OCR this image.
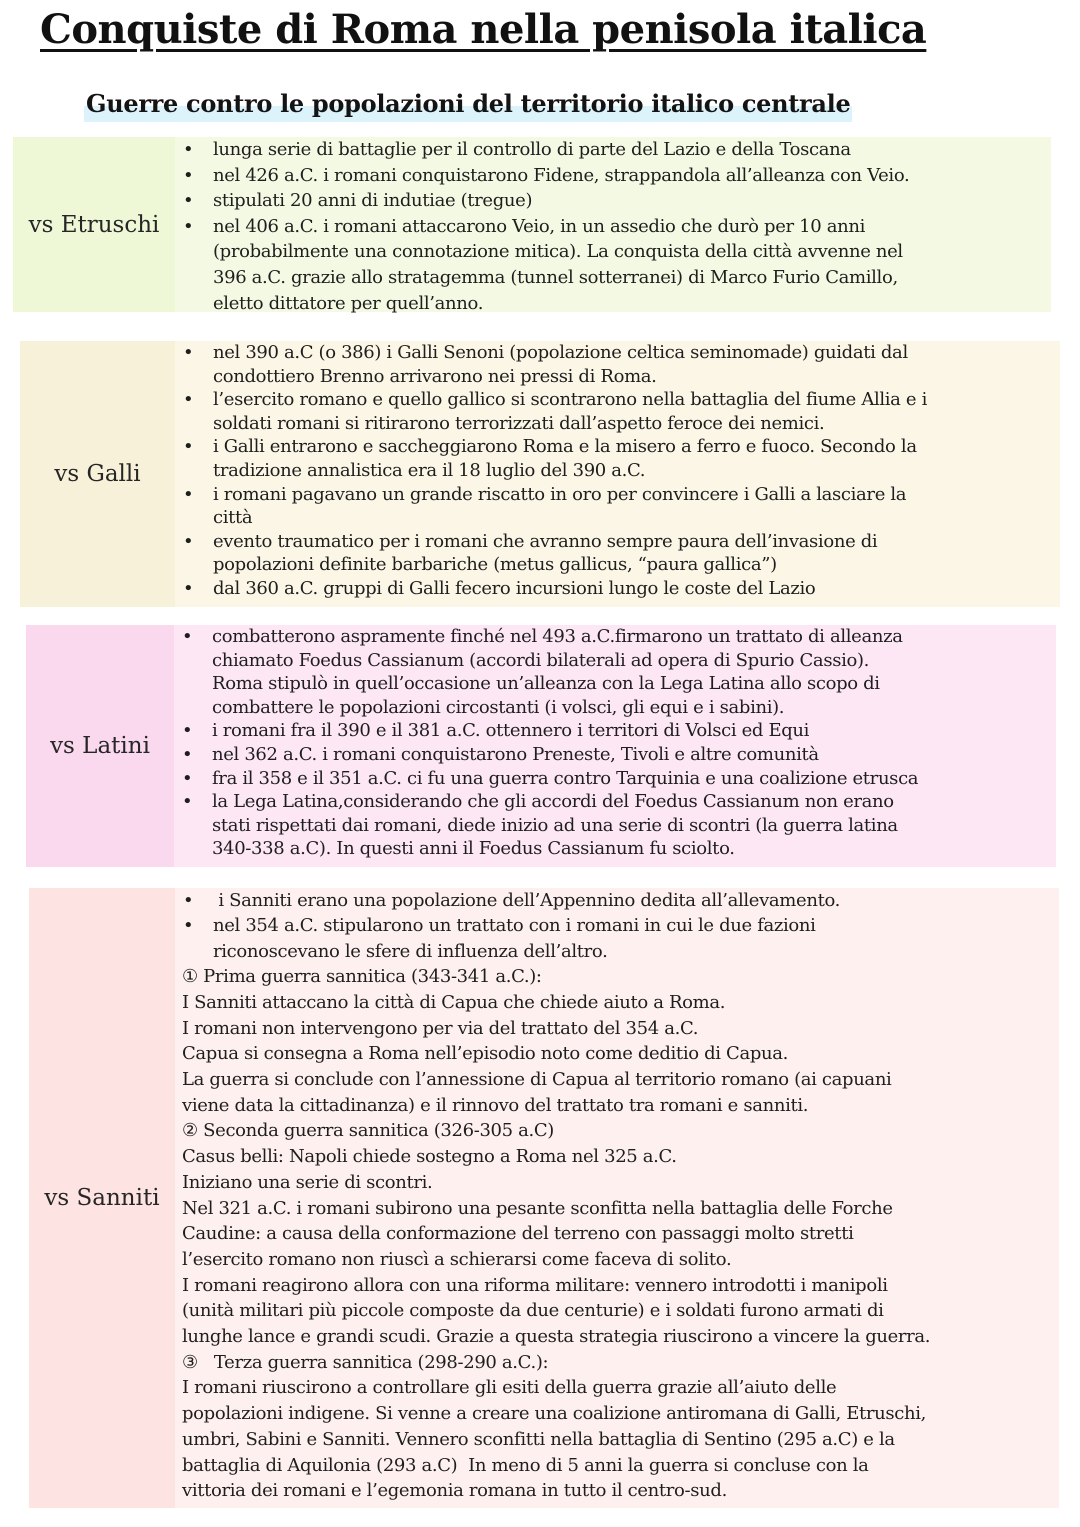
Conquiste di Roma nella penisola italica
Guerre contro le popolazioni del territorio italico centrale
vs Etruschi
• lunga serie di battaglie per il controllo di parte del Lazio e della Toscana
• nel 426 a.C. i romani conquistarono Fidene, strappandola all’alleanza con Veio.
• stipulati 20 anni di indutiae (tregue)
• nel 406 a.C. i romani attaccarono Veio, in un assedio che durò per 10 anni
(probabilmente una connotazione mitica). La conquista della città avvenne nel
396 a.C. grazie allo stratagemma (tunnel sotterranei) di Marco Furio Camillo,
eletto dittatore per quell’anno.
vs Galli
• nel 390 a.C (o 386) i Galli Senoni (popolazione celtica seminomade) guidati dal
condottiero Brenno arrivarono nei pressi di Roma.
• l’esercito romano e quello gallico si scontrarono nella battaglia del fiume Allia e i
soldati romani si ritirarono terrorizzati dall’aspetto feroce dei nemici.
• i Galli entrarono e saccheggiarono Roma e la misero a ferro e fuoco. Secondo la
tradizione annalistica era il 18 luglio del 390 a.C.
• i romani pagavano un grande riscatto in oro per convincere i Galli a lasciare la
città
• evento traumatico per i romani che avranno sempre paura dell’invasione di
popolazioni definite barbariche (metus gallicus, “paura gallica”)
• dal 360 a.C. gruppi di Galli fecero incursioni lungo le coste del Lazio
vs Latini
• combatterono aspramente finché nel 493 a.C.firmarono un trattato di alleanza
chiamato Foedus Cassianum (accordi bilaterali ad opera di Spurio Cassio).
Roma stipulò in quell’occasione un’alleanza con la Lega Latina allo scopo di
combattere le popolazioni circostanti (i volsci, gli equi e i sabini).
• i romani fra il 390 e il 381 a.C. ottennero i territori di Volsci ed Equi
• nel 362 a.C. i romani conquistarono Preneste, Tivoli e altre comunità
• fra il 358 e il 351 a.C. ci fu una guerra contro Tarquinia e una coalizione etrusca
• la Lega Latina,considerando che gli accordi del Foedus Cassianum non erano
stati rispettati dai romani, diede inizio ad una serie di scontri (la guerra latina
340-338 a.C). In questi anni il Foedus Cassianum fu sciolto.
vs Sanniti
• i Sanniti erano una popolazione dell’Appennino dedita all’allevamento.
• nel 354 a.C. stipularono un trattato con i romani in cui le due fazioni
riconoscevano le sfere di influenza dell’altro.

① Prima guerra sannitica (343-341 a.C.):

I Sanniti attaccano la città di Capua che chiede aiuto a Roma.
I romani non intervengono per via del trattato del 354 a.C.
Capua si consegna a Roma nell’episodio noto come deditio di Capua.
La guerra si conclude con l’annessione di Capua al territorio romano (ai capuani
viene data la cittadinanza) e il rinnovo del trattato tra romani e sanniti.

② Seconda guerra sannitica (326-305 a.C)

Casus belli: Napoli chiede sostegno a Roma nel 325 a.C.
Iniziano una serie di scontri.
Nel 321 a.C. i romani subirono una pesante sconfitta nella battaglia delle Forche
Caudine: a causa della conformazione del terreno con passaggi molto stretti
l’esercito romano non riuscì a schierarsi come faceva di solito.
I romani reagirono allora con una riforma militare: vennero introdotti i manipoli
(unità militari più piccole composte da due centurie) e i soldati furono armati di
lunghe lance e grandi scudi. Grazie a questa strategia riuscirono a vincere la guerra.

③   Terza guerra sannitica (298-290 a.C.):

I romani riuscirono a controllare gli esiti della guerra grazie all’aiuto delle
popolazioni indigene. Si venne a creare una coalizione antiromana di Galli, Etruschi,
umbri, Sabini e Sanniti. Vennero sconfitti nella battaglia di Sentino (295 a.C) e la
battaglia di Aquilonia (293 a.C)  In meno di 5 anni la guerra si concluse con la
vittoria dei romani e l’egemonia romana in tutto il centro-sud.
